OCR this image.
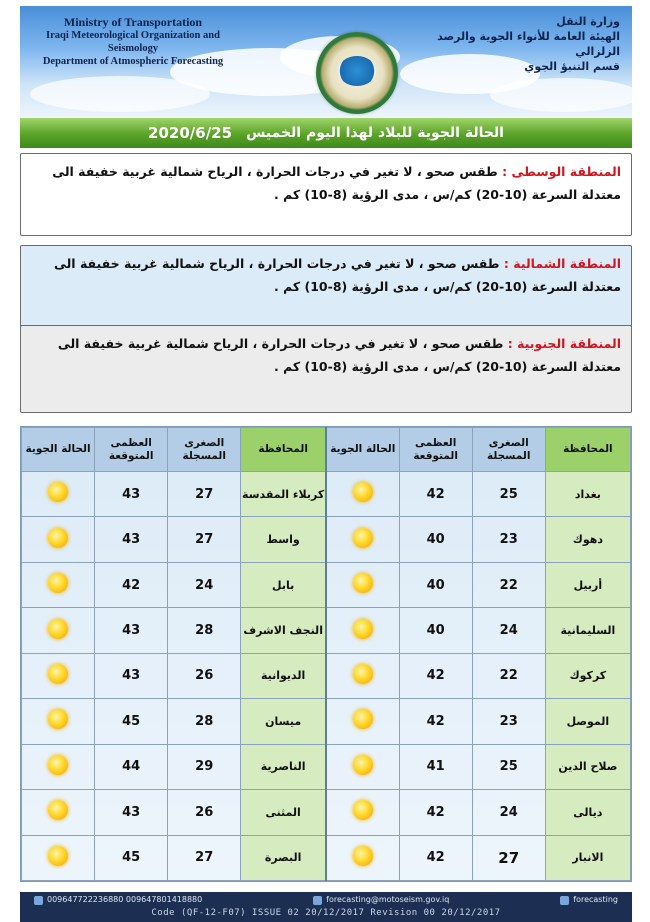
Ministry of Transportation
Iraqi Meteorological Organization and Seismology
Department of Atmospheric Forecasting
وزارة النقل
الهيئة العامة للأنواء الجوية والرصد الزلزالي
قسم التنبؤ الجوي
الحالة الجوية للبلاد لهذا اليوم الخميس
2020/6/25
المنطقة الوسطى : طقس صحو ، لا تغير في درجات الحرارة ، الرياح شمالية غربية خفيفة الى معتدلة السرعة (10-20) كم/س ، مدى الرؤية (8-10) كم .
المنطقة الشمالية : طقس صحو ، لا تغير في درجات الحرارة ، الرياح شمالية غربية خفيفة الى معتدلة السرعة (10-20) كم/س ، مدى الرؤية (8-10) كم .
المنطقة الجنوبية : طقس صحو ، لا تغير في درجات الحرارة ، الرياح شمالية غربية خفيفة الى معتدلة السرعة (10-20) كم/س ، مدى الرؤية (8-10) كم .
المحافظة	الصغرى المسجلة	العظمى المتوقعة	الحالة الجوية	المحافظة	الصغرى المسجلة	العظمى المتوقعة	الحالة الجوية
بغداد	25	42		كربلاء المقدسة	27	43	
دهوك	23	40		واسط	27	43	
أربيل	22	40		بابل	24	42	
السليمانية	24	40		النجف الاشرف	28	43	
كركوك	22	42		الديوانية	26	43	
الموصل	23	42		ميسان	28	45	
صلاح الدين	25	41		الناصرية	29	44	
ديالى	24	42		المثنى	26	43	
الانبار	27	42		البصرة	27	45	
009647722236880 009647801418880	forecasting@motoseism.gov.iq	forecasting
Code (QF-12-F07) ISSUE 02 20/12/2017 Revision 00 20/12/2017
